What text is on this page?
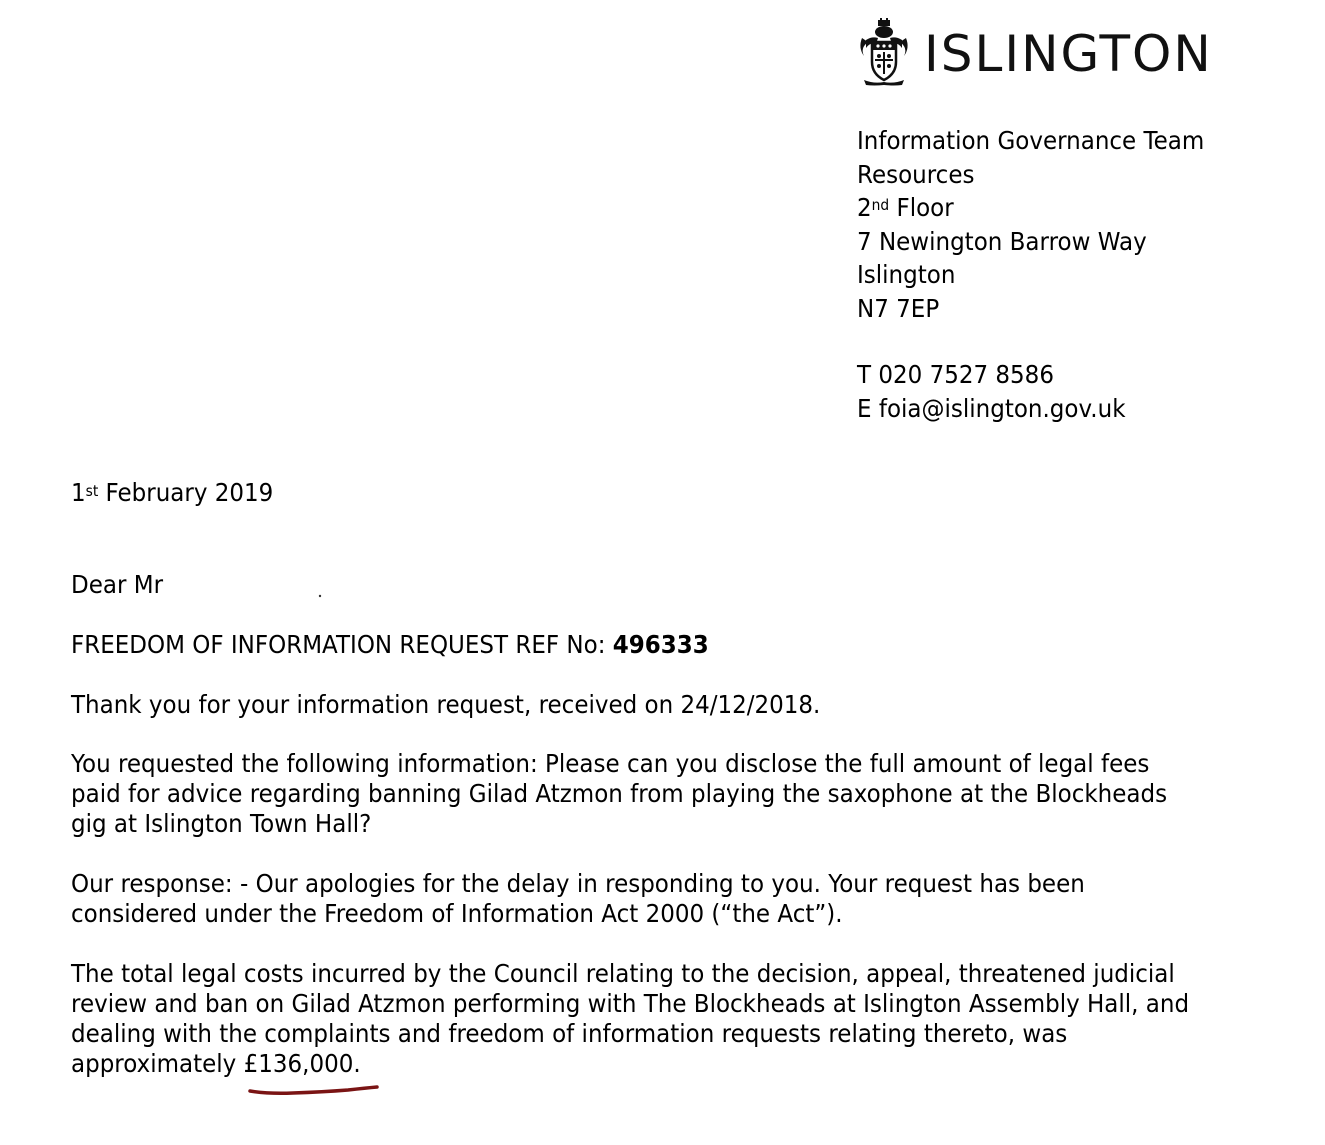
ISLINGTON
Information Governance Team
Resources
2nd Floor
7 Newington Barrow Way
Islington
N7 7EP
T 020 7527 8586
E foia@islington.gov.uk
1st February 2019
Dear Mr
FREEDOM OF INFORMATION REQUEST REF No: 496333
Thank you for your information request, received on 24/12/2018.
You requested the following information: Please can you disclose the full amount of legal fees
paid for advice regarding banning Gilad Atzmon from playing the saxophone at the Blockheads
gig at Islington Town Hall?
Our response: - Our apologies for the delay in responding to you. Your request has been
considered under the Freedom of Information Act 2000 (“the Act”).
The total legal costs incurred by the Council relating to the decision, appeal, threatened judicial
review and ban on Gilad Atzmon performing with The Blockheads at Islington Assembly Hall, and
dealing with the complaints and freedom of information requests relating thereto, was
approximately £136,000.
